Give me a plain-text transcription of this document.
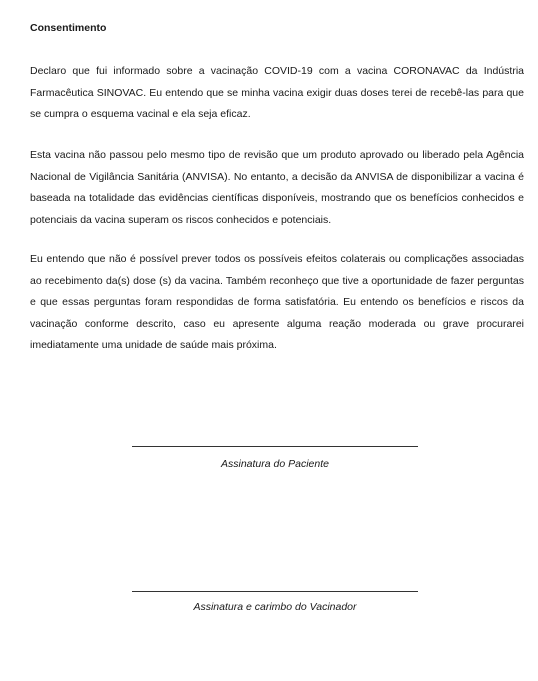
Consentimento

Declaro que fui informado sobre a vacinação COVID-19 com a vacina CORONAVAC da Indústria Farmacêutica SINOVAC. Eu entendo que se minha vacina exigir duas doses terei de recebê-las para que se cumpra o esquema vacinal e ela seja eficaz.

Esta vacina não passou pelo mesmo tipo de revisão que um produto aprovado ou liberado pela Agência Nacional de Vigilância Sanitária (ANVISA). No entanto, a decisão da ANVISA de disponibilizar a vacina é baseada na totalidade das evidências científicas disponíveis, mostrando que os benefícios conhecidos e potenciais da vacina superam os riscos conhecidos e potenciais.

Eu entendo que não é possível prever todos os possíveis efeitos colaterais ou complicações associadas ao recebimento da(s) dose (s) da vacina. Também reconheço que tive a oportunidade de fazer perguntas e que essas perguntas foram respondidas de forma satisfatória. Eu entendo os benefícios e riscos da vacinação conforme descrito, caso eu apresente alguma reação moderada ou grave procurarei imediatamente uma unidade de saúde mais próxima.

Assinatura do Paciente
Assinatura e carimbo do Vacinador
